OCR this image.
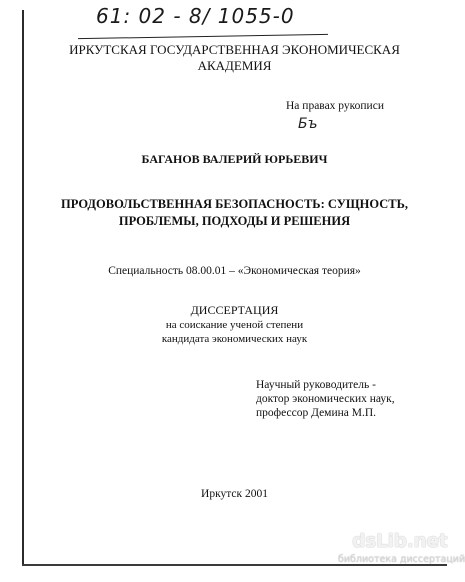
61: 02 - 8/ 1055-0
ИРКУТСКАЯ ГОСУДАРСТВЕННАЯ ЭКОНОМИЧЕСКАЯ
АКАДЕМИЯ
На правах рукописи
Бъ
БАГАНОВ ВАЛЕРИЙ ЮРЬЕВИЧ
ПРОДОВОЛЬСТВЕННАЯ БЕЗОПАСНОСТЬ: СУЩНОСТЬ,
ПРОБЛЕМЫ, ПОДХОДЫ И РЕШЕНИЯ
Специальность 08.00.01 – «Экономическая теория»
ДИССЕРТАЦИЯ
на соискание ученой степени
кандидата экономических наук
Научный руководитель -
доктор экономических наук,
профессор Демина М.П.
Иркутск 2001
dsLib.net
библиотека диссертаций
